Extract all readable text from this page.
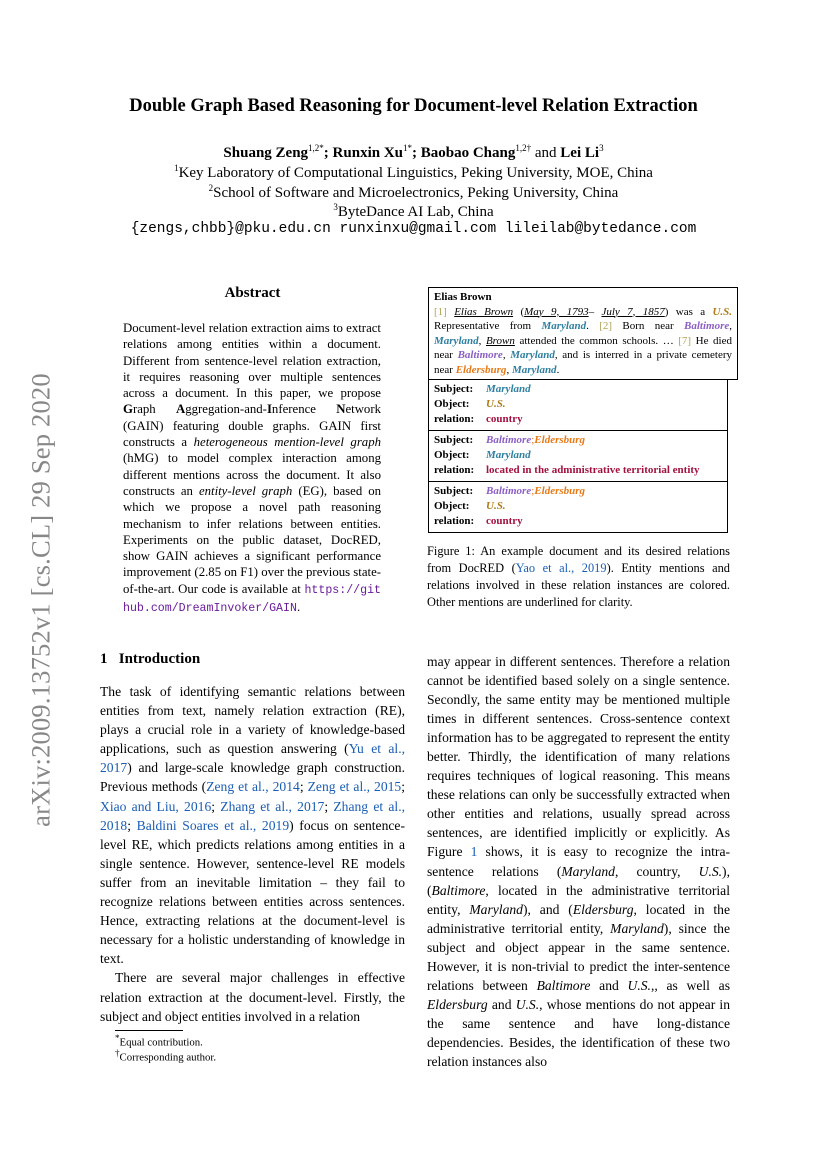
arXiv:2009.13752v1 [cs.CL] 29 Sep 2020
Double Graph Based Reasoning for Document-level Relation Extraction
Shuang Zeng$^{1,2*}$; Runxin $Xu^{1*}$; Baobao Chang$^{1,2\dagger}$ and Lei Li$^3$
$^1$Key Laboratory of Computational Linguistics, Peking University, MOE, China
$^2$School of Software and Microelectronics, Peking University, China
$^3$ByteDance AI Lab, China
{zengs,chbb}@pku.edu.cn runxinxu@gmail.com lileilab@bytedance.com
Abstract
Document-level relation extraction aims to extract relations among entities within a document. Different from sentence-level relation extraction, it requires reasoning over multiple sentences across a document. In this paper, we propose Graph Aggregation-and-Inference Network (GAIN) featuring double graphs. GAIN first constructs a heterogeneous mention-level graph (hMG) to model complex interaction among different mentions across the document. It also constructs an entity-level graph (EG), based on which we propose a novel path reasoning mechanism to infer relations between entities. Experiments on the public dataset, DocRED, show GAIN achieves a significant performance improvement (2.85 on F1) over the previous state-of-the-art. Our code is available at https://github.com/DreamInvoker/GAIN.
1 Introduction

The task of identifying semantic relations between entities from text, namely relation extraction (RE), plays a crucial role in a variety of knowledge-based applications, such as question answering (Yu et al., 2017) and large-scale knowledge graph construction. Previous methods (Zeng et al., 2014; Zeng et al., 2015; Xiao and Liu, 2016; Zhang et al., 2017; Zhang et al., 2018; Baldini Soares et al., 2019) focus on sentence-level RE, which predicts relations among entities in a single sentence. However, sentence-level RE models suffer from an inevitable limitation – they fail to recognize relations between entities across sentences. Hence, extracting relations at the document-level is necessary for a holistic understanding of knowledge in text.

There are several major challenges in effective relation extraction at the document-level. Firstly, the subject and object entities involved in a relation

*Equal contribution.
†Corresponding author.
Elias Brown
[1] Elias Brown (May 9, 1793– July 7, 1857) was a U.S. Representative from Maryland. [2] Born near Baltimore, Maryland, Brown attended the common schools. … [7] He died near Baltimore, Maryland, and is interred in a private cemetery near Eldersburg, Maryland.
Subject:	Maryland
Object:	U.S.
relation:	country
Subject:	Baltimore ; Eldersburg
Object:	Maryland
relation:	located in the administrative territorial entity
Subject:	Baltimore ; Eldersburg
Object:	U.S.
relation:	country
Figure 1: An example document and its desired relations from DocRED (Yao et al., 2019). Entity mentions and relations involved in these relation instances are colored. Other mentions are underlined for clarity.

may appear in different sentences. Therefore a relation cannot be identified based solely on a single sentence. Secondly, the same entity may be mentioned multiple times in different sentences. Cross-sentence context information has to be aggregated to represent the entity better. Thirdly, the identification of many relations requires techniques of logical reasoning. This means these relations can only be successfully extracted when other entities and relations, usually spread across sentences, are identified implicitly or explicitly. As Figure 1 shows, it is easy to recognize the intra-sentence relations (Maryland, country, U.S.), (Baltimore, located in the administrative territorial entity, Maryland), and (Eldersburg, located in the administrative territorial entity, Maryland), since the subject and object appear in the same sentence. However, it is non-trivial to predict the inter-sentence relations between Baltimore and U.S.,, as well as Eldersburg and U.S., whose mentions do not appear in the same sentence and have long-distance dependencies. Besides, the identification of these two relation instances also
